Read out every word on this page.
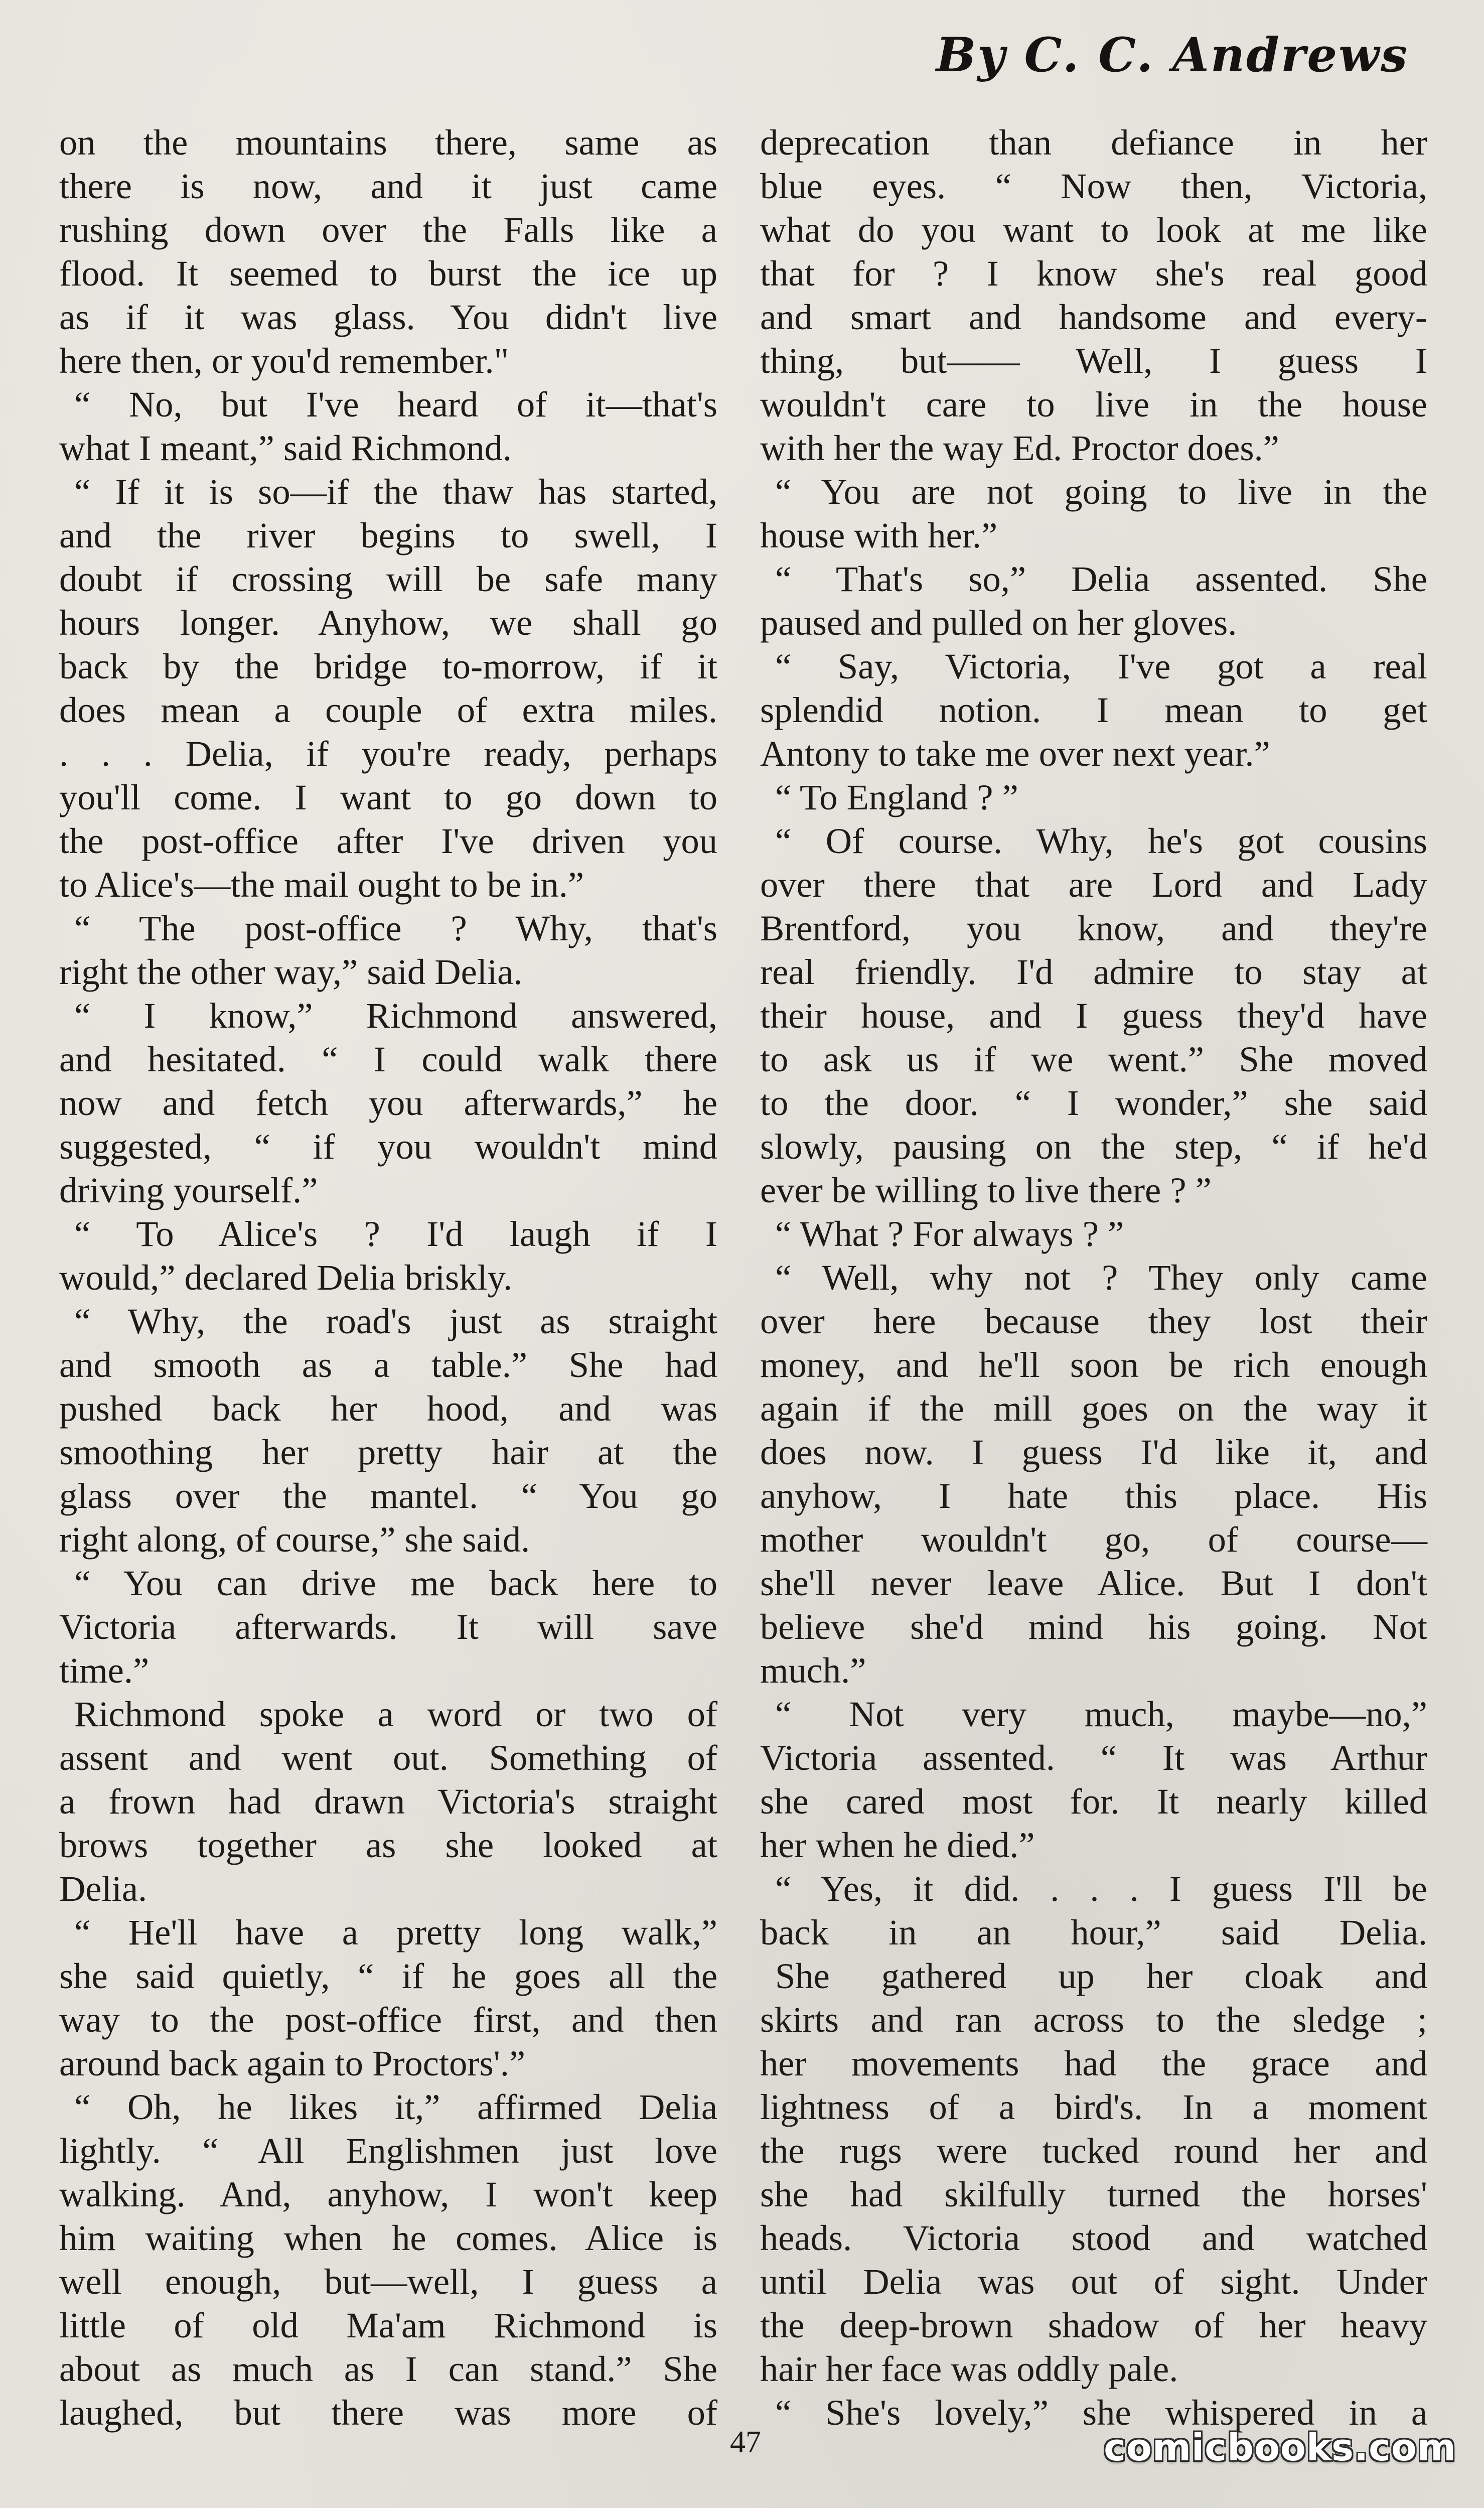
By C. C. Andrews
on the mountains there, same as
there is now, and it just came
rushing down over the Falls like a
flood. It seemed to burst the ice up
as if it was glass. You didn't live
here then, or you'd remember."
“ No, but I've heard of it—that's
what I meant,” said Richmond.
“ If it is so—if the thaw has started,
and the river begins to swell, I
doubt if crossing will be safe many
hours longer. Anyhow, we shall go
back by the bridge to-morrow, if it
does mean a couple of extra miles.
. . . Delia, if you're ready, perhaps
you'll come. I want to go down to
the post-office after I've driven you
to Alice's—the mail ought to be in.”
“ The post-office ? Why, that's
right the other way,” said Delia.
“ I know,” Richmond answered,
and hesitated. “ I could walk there
now and fetch you afterwards,” he
suggested, “ if you wouldn't mind
driving yourself.”
“ To Alice's ? I'd laugh if I
would,” declared Delia briskly.
“ Why, the road's just as straight
and smooth as a table.” She had
pushed back her hood, and was
smoothing her pretty hair at the
glass over the mantel. “ You go
right along, of course,” she said.
“ You can drive me back here to
Victoria afterwards. It will save
time.”
Richmond spoke a word or two of
assent and went out. Something of
a frown had drawn Victoria's straight
brows together as she looked at
Delia.
“ He'll have a pretty long walk,”
she said quietly, “ if he goes all the
way to the post-office first, and then
around back again to Proctors'.”
“ Oh, he likes it,” affirmed Delia
lightly. “ All Englishmen just love
walking. And, anyhow, I won't keep
him waiting when he comes. Alice is
well enough, but—well, I guess a
little of old Ma'am Richmond is
about as much as I can stand.” She
laughed, but there was more of
deprecation than defiance in her
blue eyes. “ Now then, Victoria,
what do you want to look at me like
that for ? I know she's real good
and smart and handsome and every-
thing, but—— Well, I guess I
wouldn't care to live in the house
with her the way Ed. Proctor does.”
“ You are not going to live in the
house with her.”
“ That's so,” Delia assented. She
paused and pulled on her gloves.
“ Say, Victoria, I've got a real
splendid notion. I mean to get
Antony to take me over next year.”
“ To England ? ”
“ Of course. Why, he's got cousins
over there that are Lord and Lady
Brentford, you know, and they're
real friendly. I'd admire to stay at
their house, and I guess they'd have
to ask us if we went.” She moved
to the door. “ I wonder,” she said
slowly, pausing on the step, “ if he'd
ever be willing to live there ? ”
“ What ? For always ? ”
“ Well, why not ? They only came
over here because they lost their
money, and he'll soon be rich enough
again if the mill goes on the way it
does now. I guess I'd like it, and
anyhow, I hate this place. His
mother wouldn't go, of course—
she'll never leave Alice. But I don't
believe she'd mind his going. Not
much.”
“ Not very much, maybe—no,”
Victoria assented. “ It was Arthur
she cared most for. It nearly killed
her when he died.”
“ Yes, it did. . . . I guess I'll be
back in an hour,” said Delia.
She gathered up her cloak and
skirts and ran across to the sledge ;
her movements had the grace and
lightness of a bird's. In a moment
the rugs were tucked round her and
she had skilfully turned the horses'
heads. Victoria stood and watched
until Delia was out of sight. Under
the deep-brown shadow of her heavy
hair her face was oddly pale.
“ She's lovely,” she whispered in a
47	comicbooks.com
